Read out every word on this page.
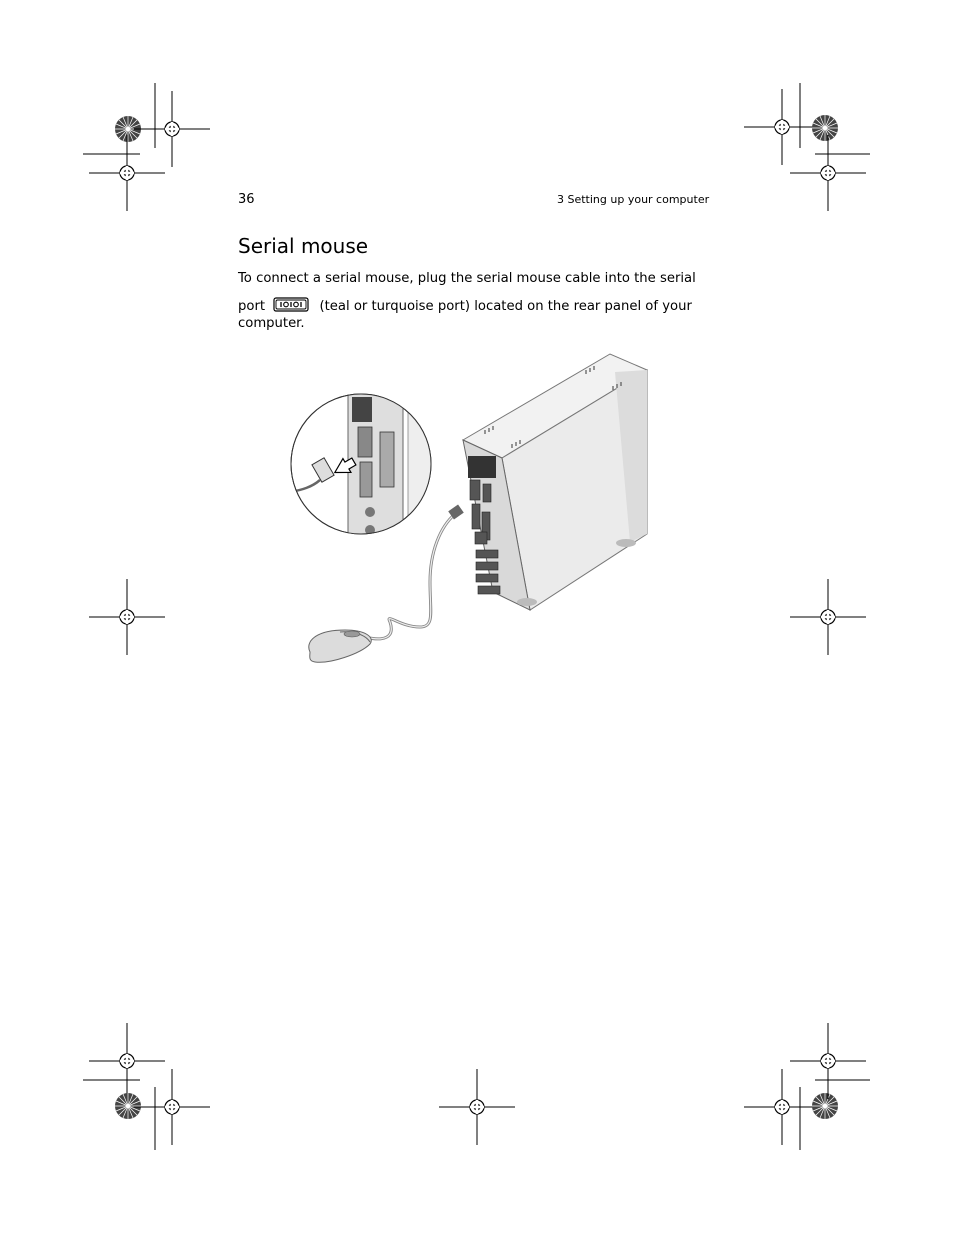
36	3 Setting up your computer
Serial mouse

To connect a serial mouse, plug the serial mouse cable into the serial

port	(teal or turquoise port) located on the rear panel of your

computer.
